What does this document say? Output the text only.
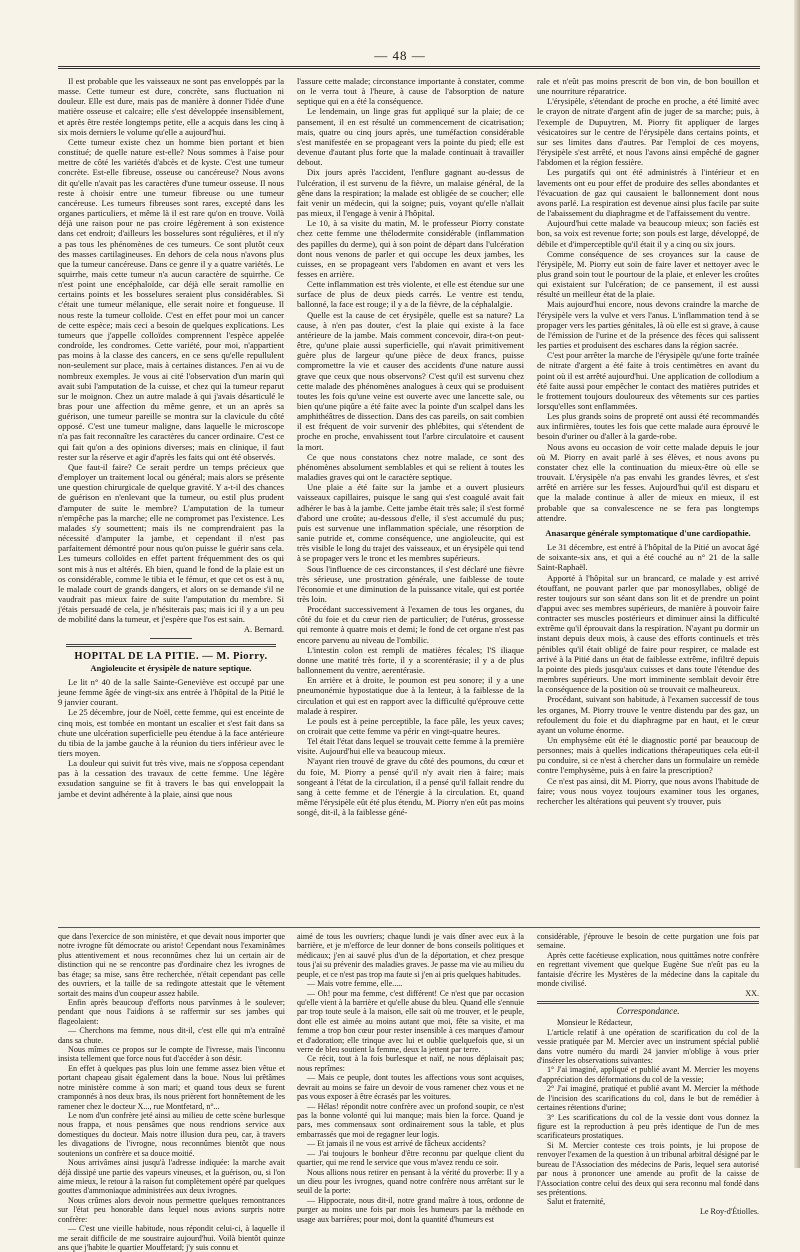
— 48 —

Il est probable que les vaisseaux ne sont pas enveloppés par la masse. Cette tumeur est dure, concrète, sans fluctuation ni douleur. Elle est dure, mais pas de manière à donner l'idée d'une matière osseuse et calcaire; elle s'est développée insensiblement, et après être restée longtemps petite, elle a acquis dans les cinq à six mois derniers le volume qu'elle a aujourd'hui.

Cette tumeur existe chez un homme bien portant et bien constitué; de quelle nature est-elle? Nous sommes à l'aise pour mettre de côté les variétés d'abcès et de kyste. C'est une tumeur concrète. Est-elle fibreuse, osseuse ou cancéreuse? Nous avons dit qu'elle n'avait pas les caractères d'une tumeur osseuse. Il nous reste à choisir entre une tumeur fibreuse ou une tumeur cancéreuse. Les tumeurs fibreuses sont rares, excepté dans les organes particuliers, et même là il est rare qu'on en trouve. Voilà déjà une raison pour ne pas croire légèrement à son existence dans cet endroit; d'ailleurs les bosselures sont régulières, et il n'y a pas tous les phénomènes de ces tumeurs. Ce sont plutôt ceux des masses cartilagineuses. En dehors de cela nous n'avons plus que la tumeur cancéreuse. Dans ce genre il y a quatre variétés. Le squirrhe, mais cette tumeur n'a aucun caractère de squirrhe. Ce n'est point une encéphaloïde, car déjà elle serait ramollie en certains points et les bosselures seraient plus considérables. Si c'était une tumeur mélanique, elle serait noire et fongueuse. Il nous reste la tumeur colloïde. C'est en effet pour moi un cancer de cette espèce; mais ceci a besoin de quelques explications. Les tumeurs que j'appelle colloïdes comprennent l'espèce appelée condroïde, les condromes. Cette variété, pour moi, n'appartient pas moins à la classe des cancers, en ce sens qu'elle repullulent non-seulement sur place, mais à certaines distances. J'en ai vu de nombreux exemples. Je vous ai cité l'observation d'un marin qui avait subi l'amputation de la cuisse, et chez qui la tumeur reparut sur le moignon. Chez un autre malade à qui j'avais désarticulé le bras pour une affection du même genre, et un an après sa guérison, une tumeur pareille se montra sur la clavicule du côté opposé. C'est une tumeur maligne, dans laquelle le microscope n'a pas fait reconnaître les caractères du cancer ordinaire. C'est ce qui fait qu'on a des opinions diverses; mais en clinique, il faut rester sur la réserve et agir d'après les faits qui ont été observés.

Que faut-il faire? Ce serait perdre un temps précieux que d'employer un traitement local ou général; mais alors se présente une question chirurgicale de quelque gravité. Y a-t-il des chances de guérison en n'enlevant que la tumeur, ou estil plus prudent d'amputer de suite le membre? L'amputation de la tumeur n'empêche pas la marche; elle ne compromet pas l'existence. Les malades s'y soumettent; mais ils ne comprendraient pas la nécessité d'amputer la jambe, et cependant il n'est pas parfaitement démontré pour nous qu'on puisse le guérir sans cela. Les tumeurs colloïdes en effet partent fréquemment des os qui sont mis à nus et altérés. Eh bien, quand le fond de la plaie est un os considérable, comme le tibia et le fémur, et que cet os est à nu, le malade court de grands dangers, et alors on se demande s'il ne vaudrait pas mieux faire de suite l'amputation du membre. Si j'étais persuadé de cela, je n'hésiterais pas; mais ici il y a un peu de mobilité dans la tumeur, et j'espère que l'os est sain.

A. Bernard.

HOPITAL DE LA PITIE. — M. Piorry.
Angioleucite et érysipèle de nature septique.

Le lit n° 40 de la salle Sainte-Geneviève est occupé par une jeune femme âgée de vingt-six ans entrée à l'hôpital de la Pitié le 9 janvier courant.

Le 25 décembre, jour de Noël, cette femme, qui est enceinte de cinq mois, est tombée en montant un escalier et s'est fait dans sa chute une ulcération superficielle peu étendue à la face antérieure du tibia de la jambe gauche à la réunion du tiers inférieur avec le tiers moyen.

La douleur qui suivit fut très vive, mais ne s'opposa cependant pas à la cessation des travaux de cette femme. Une légère exsudation sanguine se fit à travers le bas qui enveloppait la jambe et devint adhérente à la plaie, ainsi que nous

l'assure cette malade; circonstance importante à constater, comme on le verra tout à l'heure, à cause de l'absorption de nature septique qui en a été la conséquence.

Le lendemain, un linge gras fut appliqué sur la plaie; de ce pansement, il en est résulté un commencement de cicatrisation; mais, quatre ou cinq jours après, une tuméfaction considérable s'est manifestée en se propageant vers la pointe du pied; elle est devenue d'autant plus forte que la malade continuait à travailler debout.

Dix jours après l'accident, l'enflure gagnant au-dessus de l'ulcération, il est survenu de la fièvre, un malaise général, de la gêne dans la respiration; la malade est obligée de se coucher; elle fait venir un médecin, qui la soigne; puis, voyant qu'elle n'allait pas mieux, il l'engage à venir à l'hôpital.

Le 10, à sa visite du matin, M. le professeur Piorry constate chez cette femme une thélodermite considérable (inflammation des papilles du derme), qui à son point de départ dans l'ulcération dont nous venons de parler et qui occupe les deux jambes, les cuisses, en se propageant vers l'abdomen en avant et vers les fesses en arrière.

Cette inflammation est très violente, et elle est étendue sur une surface de plus de deux pieds carrés. Le ventre est tendu, ballonné, la face est rouge; il y a de la fièvre, de la céphalalgie.

Quelle est la cause de cet érysipèle, quelle est sa nature? La cause, à n'en pas douter, c'est la plaie qui existe à la face antérieure de la jambe. Mais comment concevoir, dira-t-on peut-être, qu'une plaie aussi superficielle, qui n'avait primitivement guère plus de largeur qu'une pièce de deux francs, puisse compromettre la vie et causer des accidents d'une nature aussi grave que ceux que nous observons? C'est qu'il est survenu chez cette malade des phénomènes analogues à ceux qui se produisent toutes les fois qu'une veine est ouverte avec une lancette sale, ou bien qu'une piqûre a été faite avec la pointe d'un scalpel dans les amphithéâtres de dissection. Dans des cas pareils, on sait combien il est fréquent de voir survenir des phlébites, qui s'étendent de proche en proche, envahissent tout l'arbre circulatoire et causent la mort.

Ce que nous constatons chez notre malade, ce sont des phénomènes absolument semblables et qui se relient à toutes les maladies graves qui ont le caractère septique.

Une plaie a été faite sur la jambe et a ouvert plusieurs vaisseaux capillaires, puisque le sang qui s'est coagulé avait fait adhérer le bas à la jambe. Cette jambe était très sale; il s'est formé d'abord une croûte; au-dessous d'elle, il s'est accumulé du pus; puis est survenue une inflammation spéciale, une résorption de sanie putride et, comme conséquence, une angioleucite, qui est très visible le long du trajet des vaisseaux, et un érysipèle qui tend à se propager vers le tronc et les membres supérieurs.

Sous l'influence de ces circonstances, il s'est déclaré une fièvre très sérieuse, une prostration générale, une faiblesse de toute l'économie et une diminution de la puissance vitale, qui est portée très loin.

Procédant successivement à l'examen de tous les organes, du côté du foie et du cœur rien de particulier; de l'utérus, grossesse qui remonte à quatre mois et demi; le fond de cet organe n'est pas encore parvenu au niveau de l'ombilic.

L'intestin colon est rempli de matières fécales; l'S iliaque donne une matité très forte, il y a scorentérasie; il y a de plus ballonnement du ventre, aerentérasie.

En arrière et à droite, le poumon est peu sonore; il y a une pneumonémie hypostatique due à la lenteur, à la faiblesse de la circulation et qui est en rapport avec la difficulté qu'éprouve cette malade à respirer.

Le pouls est à peine perceptible, la face pâle, les yeux caves; on croirait que cette femme va périr en vingt-quatre heures.

Tel était l'état dans lequel se trouvait cette femme à la première visite. Aujourd'hui elle va beaucoup mieux.

N'ayant rien trouvé de grave du côté des poumons, du cœur et du foie, M. Piorry a pensé qu'il n'y avait rien à faire; mais songeant à l'état de la circulation, il a pensé qu'il fallait rendre du sang à cette femme et de l'énergie à la circulation. Et, quand même l'érysipèle eût été plus étendu, M. Piorry n'en eût pas moins songé, dit-il, à la faiblesse géné-

rale et n'eût pas moins prescrit de bon vin, de bon bouillon et une nourriture réparatrice.

L'érysipèle, s'étendant de proche en proche, a été limité avec le crayon de nitrate d'argent afin de juger de sa marche; puis, à l'exemple de Dupuytren, M. Piorry fit appliquer de larges vésicatoires sur le centre de l'érysipèle dans certains points, et sur ses limites dans d'autres. Par l'emploi de ces moyens, l'érysipèle s'est arrêté, et nous l'avons ainsi empêché de gagner l'abdomen et la région fessière.

Les purgatifs qui ont été administrés à l'intérieur et en lavements ont eu pour effet de produire des selles abondantes et l'évacuation de gaz qui causaient le ballonnement dont nous avons parlé. La respiration est devenue ainsi plus facile par suite de l'abaissement du diaphragme et de l'affaissement du ventre.

Aujourd'hui cette malade va beaucoup mieux; son faciès est bon, sa voix est revenue forte; son pouls est large, développé, de débile et d'imperceptible qu'il était il y a cinq ou six jours.

Comme conséquence de ses croyances sur la cause de l'érysipèle, M. Piorry eut soin de faire laver et nettoyer avec le plus grand soin tout le pourtour de la plaie, et enlever les croûtes qui existaient sur l'ulcération; de ce pansement, il est aussi résulté un meilleur état de la plaie.

Mais aujourd'hui encore, nous devons craindre la marche de l'érysipèle vers la vulve et vers l'anus. L'inflammation tend à se propager vers les parties génitales, là où elle est si grave, à cause de l'émission de l'urine et de la présence des fèces qui salissent les parties et produisent des eschares dans la région sacrée.

C'est pour arrêter la marche de l'érysipèle qu'une forte traînée de nitrate d'argent a été faite à trois centimètres en avant du point où il est arrêté aujourd'hui. Une application de collodium a été faite aussi pour empêcher le contact des matières putrides et le frottement toujours douloureux des vêtements sur ces parties lorsqu'elles sont enflammées.

Les plus grands soins de propreté ont aussi été recommandés aux infirmières, toutes les fois que cette malade aura éprouvé le besoin d'uriner ou d'aller à la garde-robe.

Nous avons eu occasion de voir cette malade depuis le jour où M. Piorry en avait parlé à ses élèves, et nous avons pu constater chez elle la continuation du mieux-être où elle se trouvait. L'érysipèle n'a pas envahi les grandes lèvres, et s'est arrêté en arrière sur les fesses. Aujourd'hui qu'il est disparu et que la malade continue à aller de mieux en mieux, il est probable que sa convalescence ne se fera pas longtemps attendre.

Anasarque générale symptomatique d'une cardiopathie.

Le 31 décembre, est entré à l'hôpital de la Pitié un avocat âgé de soixante-six ans, et qui a été couché au n° 21 de la salle Saint-Raphaël.

Apporté à l'hôpital sur un brancard, ce malade y est arrivé étouffant, ne pouvant parler que par monosyllabes, obligé de rester toujours sur son séant dans son lit et de prendre un point d'appui avec ses membres supérieurs, de manière à pouvoir faire contracter ses muscles postérieurs et diminuer ainsi la difficulté extrême qu'il éprouvait dans la respiration. N'ayant pu dormir un instant depuis deux mois, à cause des efforts continuels et très pénibles qu'il était obligé de faire pour respirer, ce malade est arrivé à la Pitié dans un état de faiblesse extrême, infiltré depuis la pointe des pieds jusqu'aux cuisses et dans toute l'étendue des membres supérieurs. Une mort imminente semblait devoir être la conséquence de la position où se trouvait ce malheureux.

Procédant, suivant son habitude, à l'examen successif de tous les organes, M. Piorry trouve le ventre distendu par des gaz, un refoulement du foie et du diaphragme par en haut, et le cœur ayant un volume énorme.

Un emphysème eût été le diagnostic porté par beaucoup de personnes; mais à quelles indications thérapeutiques cela eût-il pu conduire, si ce n'est à chercher dans un formulaire un remède contre l'emphysème, puis à en faire la prescription?

Ce n'est pas ainsi, dit M. Piorry, que nous avons l'habitude de faire; vous nous voyez toujours examiner tous les organes, rechercher les altérations qui peuvent s'y trouver, puis

que dans l'exercice de son ministère, et que devait nous importer que notre ivrogne fût démocrate ou aristo! Cependant nous l'examinâmes plus attentivement et nous reconnûmes chez lui un certain air de distinction qui ne se rencontre pas d'ordinaire chez les ivrognes de bas étage; sa mise, sans être recherchée, n'était cependant pas celle des ouvriers, et la taille de sa redingote attestait que le vêtement sortait des mains d'un coupeur assez habile.

Enfin après beaucoup d'efforts nous parvînmes à le soulever; pendant que nous l'aidions à se raffermir sur ses jambes qui flageolaient:

— Cherchons ma femme, nous dit-il, c'est elle qui m'a entraîné dans sa chute.

Nous mîmes ce propos sur le compte de l'ivresse, mais l'inconnu insista tellement que force nous fut d'accéder à son désir.

En effet à quelques pas plus loin une femme assez bien vêtue et portant chapeau gisait également dans la boue. Nous lui prêtâmes notre ministère comme à son mari; et quand tous deux se furent cramponnés à nos deux bras, ils nous prièrent fort honnêtement de les ramener chez le docteur X..., rue Montfetard, n°...

Le nom d'un confrère jeté ainsi au milieu de cette scène burlesque nous frappa, et nous pensâmes que nous rendrions service aux domestiques du docteur. Mais notre illusion dura peu, car, à travers les divagations de l'ivrogne, nous reconnûmes bientôt que nous soutenions un confrère et sa douce moitié.

Nous arrivâmes ainsi jusqu'à l'adresse indiquée: la marche avait déjà dissipé une partie des vapeurs vineuses, et la guérison, ou, si l'on aime mieux, le retour à la raison fut complètement opéré par quelques gouttes d'ammoniaque administrées aux deux ivrognes.

Nous crûmes alors devoir nous permettre quelques remontrances sur l'état peu honorable dans lequel nous avions surpris notre confrère:

— C'est une vieille habitude, nous répondit celui-ci, à laquelle il me serait difficile de me soustraire aujourd'hui. Voilà bientôt quinze ans que j'habite le quartier Mouffetard; j'y suis connu et

aimé de tous les ouvriers; chaque lundi je vais dîner avec eux à la barrière, et je m'efforce de leur donner de bons conseils politiques et médicaux; j'en ai sauvé plus d'un de la déportation, et chez presque tous j'ai su prévenir des maladies graves. Je passe ma vie au milieu du peuple, et ce n'est pas trop ma faute si j'en ai pris quelques habitudes.

— Mais votre femme, elle.....

— Oh! pour ma femme, c'est différent! Ce n'est que par occasion qu'elle vient à la barrière et qu'elle abuse du bleu. Quand elle s'ennuie par trop toute seule à la maison, elle sait où me trouver, et le peuple, dont elle est aimée au moins autant que moi, fête sa visite, et ma femme a trop bon cœur pour rester insensible à ces marques d'amour et d'adoration; elle trinque avec lui et oublie quelquefois que, si un verre de bleu soutient la femme, deux la jettent par terre.

Ce récit, tout à la fois burlesque et naïf, ne nous déplaisait pas; nous reprîmes:

— Mais ce peuple, dont toutes les affections vous sont acquises, devrait au moins se faire un devoir de vous ramener chez vous et ne pas vous exposer à être écrasés par les voitures.

— Hélas! répondit notre confrère avec un profond soupir, ce n'est pas la bonne volonté qui lui manque; mais bien la force. Quand je pars, mes commensaux sont ordinairement sous la table, et plus embarrassés que moi de regagner leur logis.

— Et jamais il ne vous est arrivé de fâcheux accidents?

— J'ai toujours le bonheur d'être reconnu par quelque client du quartier, qui me rend le service que vous m'avez rendu ce soir.

Nous allions nous retirer en pensant à la vérité du proverbe: Il y a un dieu pour les ivrognes, quand notre confrère nous arrêtant sur le seuil de la porte:

— Hippocrate, nous dit-il, notre grand maître à tous, ordonne de purger au moins une fois par mois les humeurs par la méthode en usage aux barrières; pour moi, dont la quantité d'humeurs est

considérable, j'éprouve le besoin de cette purgation une fois par semaine.

Après cette facétieuse explication, nous quittâmes notre confrère en regrettant vivement que quelque Eugène Sue n'eût pas eu la fantaisie d'écrire les Mystères de la médecine dans la capitale du monde civilisé.

XX.

Correspondance.

Monsieur le Rédacteur,

L'article relatif à une opération de scarification du col de la vessie pratiquée par M. Mercier avec un instrument spécial publié dans votre numéro du mardi 24 janvier m'oblige à vous prier d'insérer les observations suivantes:

1° J'ai imaginé, appliqué et publié avant M. Mercier les moyens d'appréciation des déformations du col de la vessie;

2° J'ai imaginé, pratiqué et publié avant M. Mercier la méthode de l'incision des scarifications du col, dans le but de remédier à certaines rétentions d'urine;

3° Les scarifications du col de la vessie dont vous donnez la figure est la reproduction à peu près identique de l'un de mes scarificateurs prostatiques.

Si M. Mercier conteste ces trois points, je lui propose de renvoyer l'examen de la question à un tribunal arbitral désigné par le bureau de l'Association des médecins de Paris, lequel sera autorisé par nous à prononcer une amende au profit de la caisse de l'Association contre celui des deux qui sera reconnu mal fondé dans ses prétentions.

Salut et fraternité,

Le Roy-d'Étiolles.
